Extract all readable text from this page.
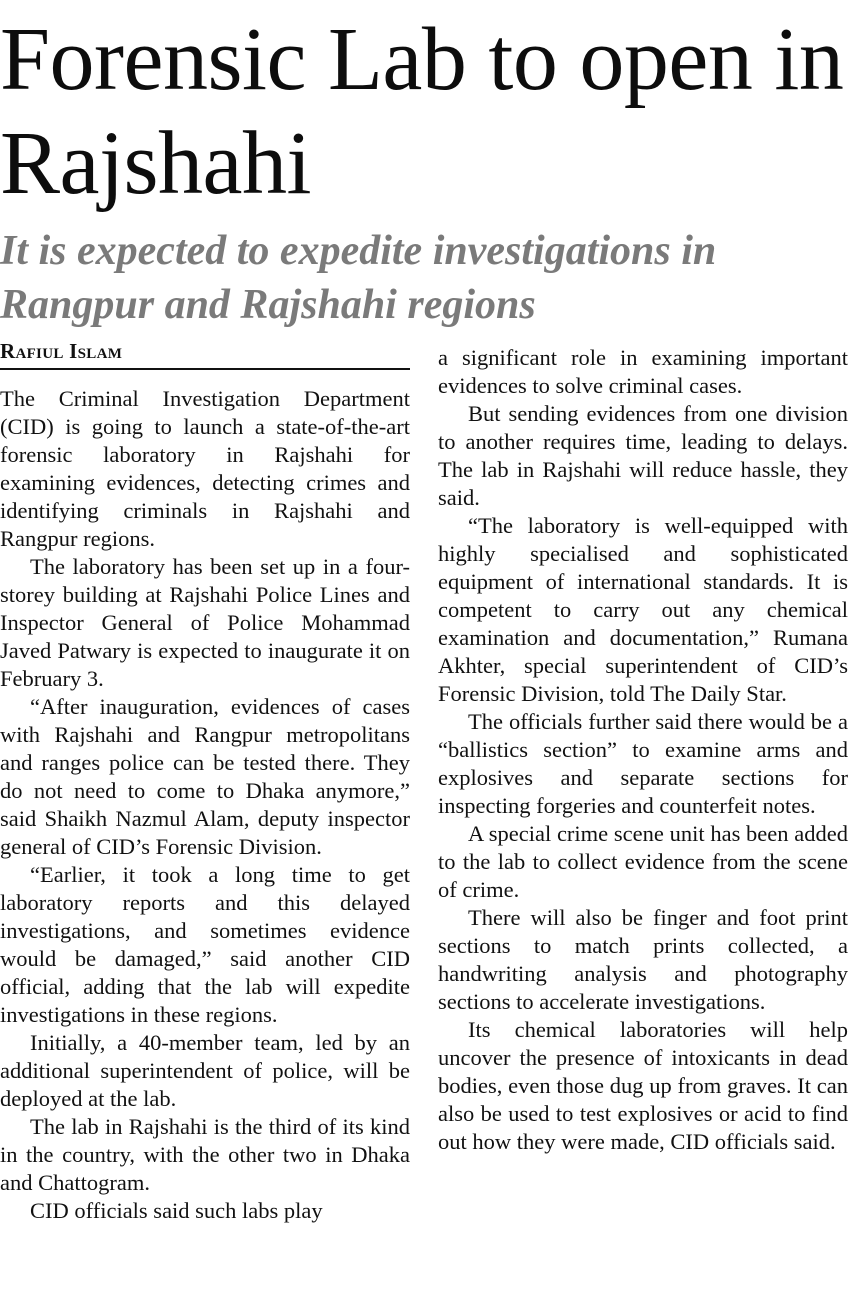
Forensic Lab to open in Rajshahi
It is expected to expedite investigations in Rangpur and Rajshahi regions
Rafiul Islam

The Criminal Investigation Department (CID) is going to launch a state-of-the-art forensic laboratory in Rajshahi for examining evidences, detecting crimes and identifying criminals in Rajshahi and Rangpur regions.

The laboratory has been set up in a four-storey building at Rajshahi Police Lines and Inspector General of Police Mohammad Javed Patwary is expected to inaugurate it on February 3.

“After inauguration, evidences of cases with Rajshahi and Rangpur metropolitans and ranges police can be tested there. They do not need to come to Dhaka anymore,” said Shaikh Nazmul Alam, deputy inspector general of CID’s Forensic Division.

“Earlier, it took a long time to get laboratory reports and this delayed investigations, and sometimes evidence would be damaged,” said another CID official, adding that the lab will expedite investigations in these regions.

Initially, a 40-member team, led by an additional superintendent of police, will be deployed at the lab.

The lab in Rajshahi is the third of its kind in the country, with the other two in Dhaka and Chattogram.

CID officials said such labs play

a significant role in examining important evidences to solve criminal cases.

But sending evidences from one division to another requires time, leading to delays. The lab in Rajshahi will reduce hassle, they said.

“The laboratory is well-equipped with highly specialised and sophisticated equipment of international standards. It is competent to carry out any chemical examination and documentation,” Rumana Akhter, special superintendent of CID’s Forensic Division, told The Daily Star.

The officials further said there would be a “ballistics section” to examine arms and explosives and separate sections for inspecting forgeries and counterfeit notes.

A special crime scene unit has been added to the lab to collect evidence from the scene of crime.

There will also be finger and foot print sections to match prints collected, a handwriting analysis and photography sections to accelerate investigations.

Its chemical laboratories will help uncover the presence of intoxicants in dead bodies, even those dug up from graves. It can also be used to test explosives or acid to find out how they were made, CID officials said.
